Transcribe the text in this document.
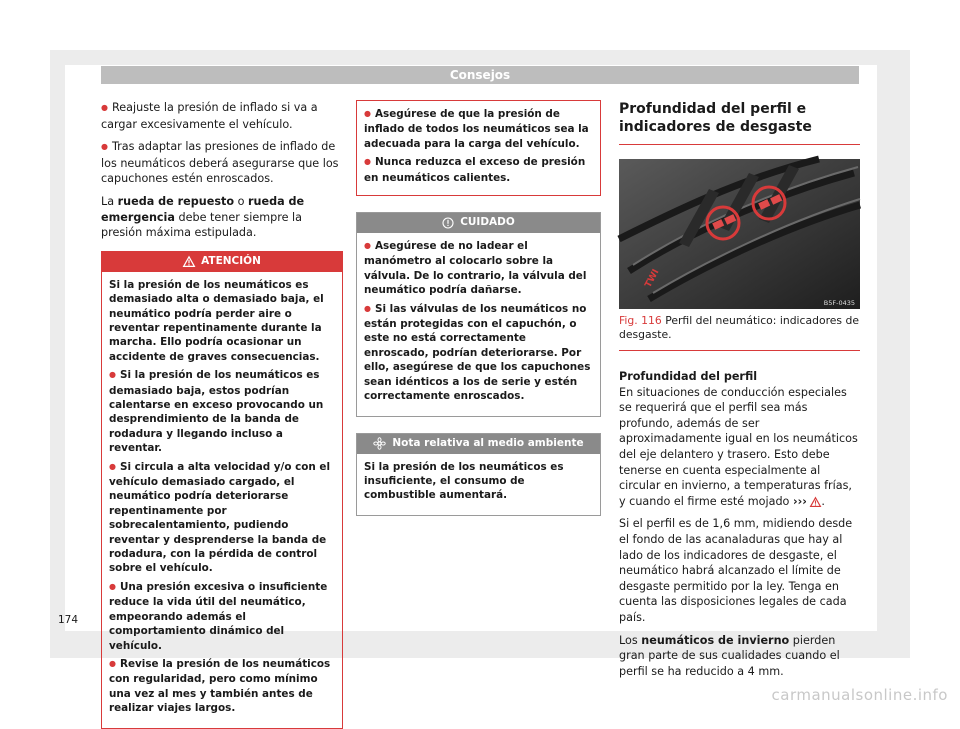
Consejos

● Reajuste la presión de inflado si va a cargar excesivamente el vehículo.

● Tras adaptar las presiones de inflado de los neumáticos deberá asegurarse que los capuchones estén enroscados.

La rueda de repuesto o rueda de emergencia debe tener siempre la presión máxima estipulada.

ATENCIÓN

Si la presión de los neumáticos es demasiado alta o demasiado baja, el neumático podría perder aire o reventar repentinamente durante la marcha. Ello podría ocasionar un accidente de graves consecuencias.

● Si la presión de los neumáticos es demasiado baja, estos podrían calentarse en exceso provocando un desprendimiento de la banda de rodadura y llegando incluso a reventar.

● Si circula a alta velocidad y/o con el vehículo demasiado cargado, el neumático podría deteriorarse repentinamente por sobrecalentamiento, pudiendo reventar y desprenderse la banda de rodadura, con la pérdida de control sobre el vehículo.

● Una presión excesiva o insuficiente reduce la vida útil del neumático, empeorando además el comportamiento dinámico del vehículo.

● Revise la presión de los neumáticos con regularidad, pero como mínimo una vez al mes y también antes de realizar viajes largos.

● Asegúrese de que la presión de inflado de todos los neumáticos sea la adecuada para la carga del vehículo.

● Nunca reduzca el exceso de presión en neumáticos calientes.

CUIDADO

● Asegúrese de no ladear el manómetro al colocarlo sobre la válvula. De lo contrario, la válvula del neumático podría dañarse.

● Si las válvulas de los neumáticos no están protegidas con el capuchón, o este no está correctamente enroscado, podrían deteriorarse. Por ello, asegúrese de que los capuchones sean idénticos a los de serie y estén correctamente enroscados.

Nota relativa al medio ambiente

Si la presión de los neumáticos es insuficiente, el consumo de combustible aumentará.

Profundidad del perfil e indicadores de desgaste
TWI
B5F-0435
Fig. 116 Perfil del neumático: indicadores de desgaste.

Profundidad del perfil

En situaciones de conducción especiales se requerirá que el perfil sea más profundo, además de ser aproximadamente igual en los neumáticos del eje delantero y trasero. Esto debe tenerse en cuenta especialmente al circular en invierno, a temperaturas frías, y cuando el firme esté mojado ››› .

Si el perfil es de 1,6 mm, midiendo desde el fondo de las acanaladuras que hay al lado de los indicadores de desgaste, el neumático habrá alcanzado el límite de desgaste permitido por la ley. Tenga en cuenta las disposiciones legales de cada país.

Los neumáticos de invierno pierden gran parte de sus cualidades cuando el perfil se ha reducido a 4 mm.

174
carmanualsonline.info
